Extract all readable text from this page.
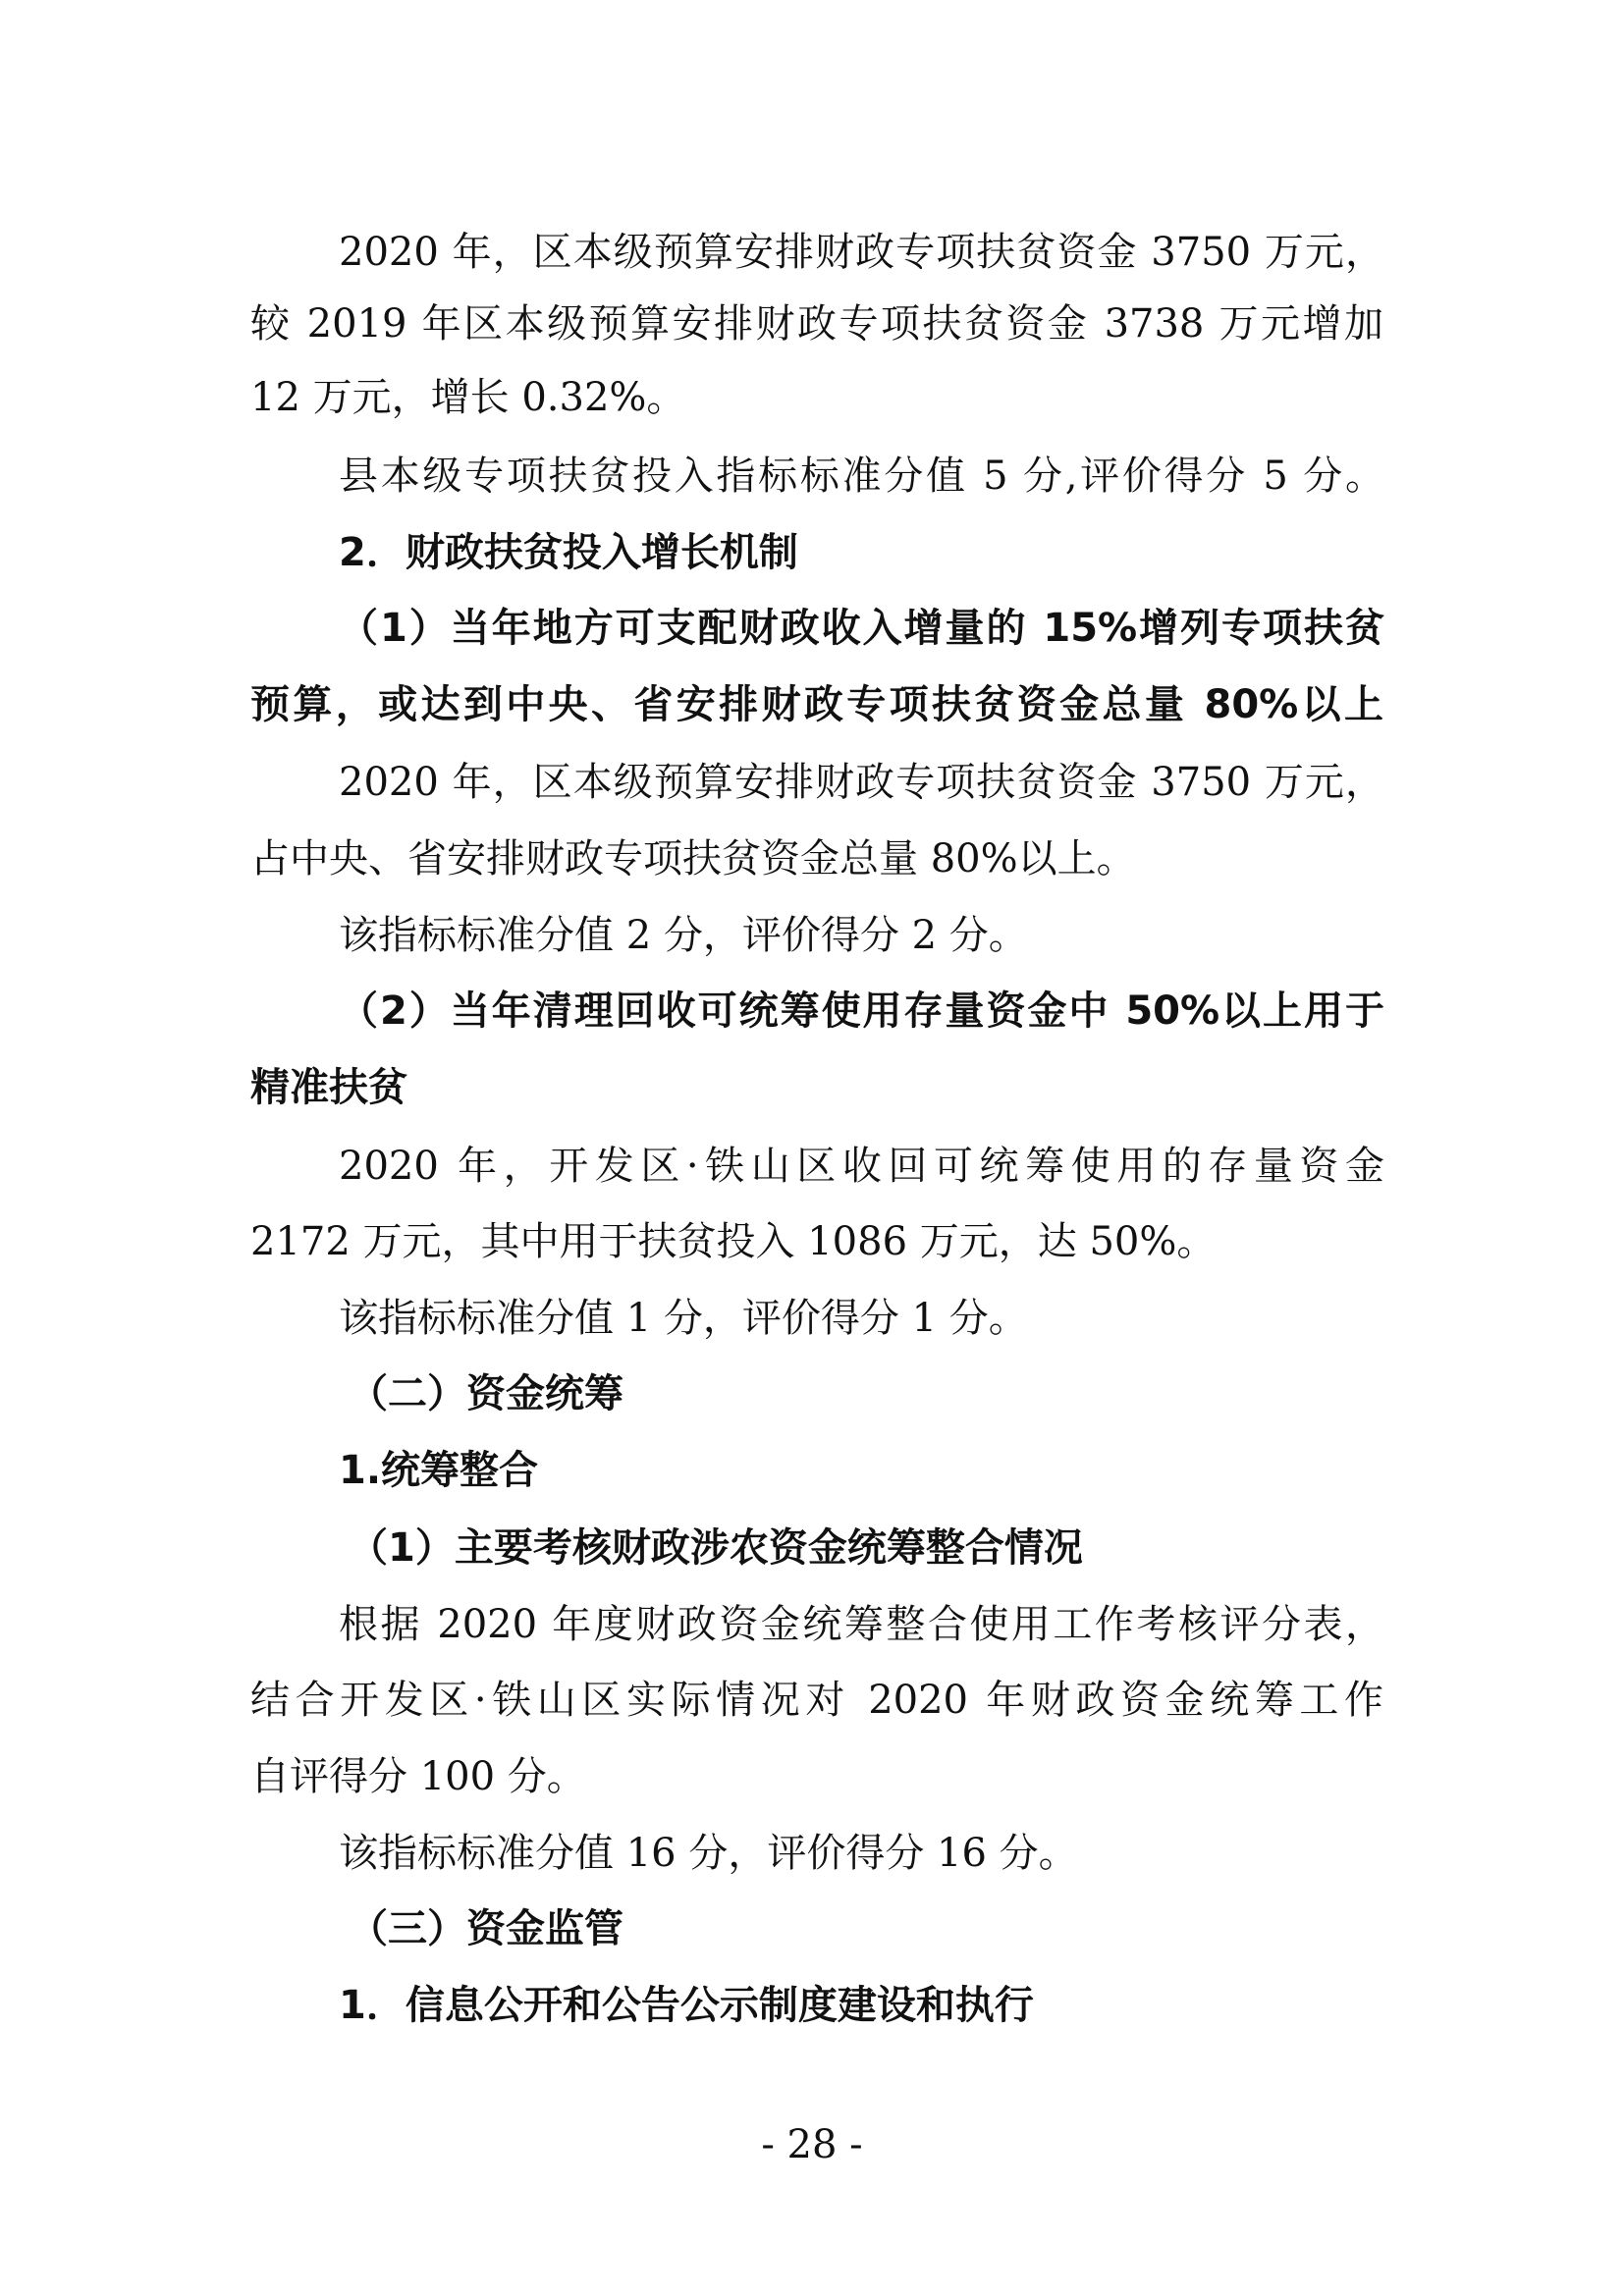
2020 年，区本级预算安排财政专项扶贫资金 3750 万元，
较 2019 年区本级预算安排财政专项扶贫资金 3738 万元增加
12 万元，增长 0.32%。
县本级专项扶贫投入指标标准分值 5 分,评价得分 5 分。
2．财政扶贫投入增长机制
（1）当年地方可支配财政收入增量的 15%增列专项扶贫
预算，或达到中央、省安排财政专项扶贫资金总量 80%以上
2020 年，区本级预算安排财政专项扶贫资金 3750 万元，
占中央、省安排财政专项扶贫资金总量 80%以上。
该指标标准分值 2 分，评价得分 2 分。
（2）当年清理回收可统筹使用存量资金中 50%以上用于
精准扶贫
2020 年，开发区·铁山区收回可统筹使用的存量资金
2172 万元，其中用于扶贫投入 1086 万元，达 50%。
该指标标准分值 1 分，评价得分 1 分。
（二）资金统筹
1.统筹整合
（1）主要考核财政涉农资金统筹整合情况
根据 2020 年度财政资金统筹整合使用工作考核评分表，
结合开发区·铁山区实际情况对 2020 年财政资金统筹工作
自评得分 100 分。
该指标标准分值 16 分，评价得分 16 分。
（三）资金监管
1．信息公开和公告公示制度建设和执行
- 28 -
